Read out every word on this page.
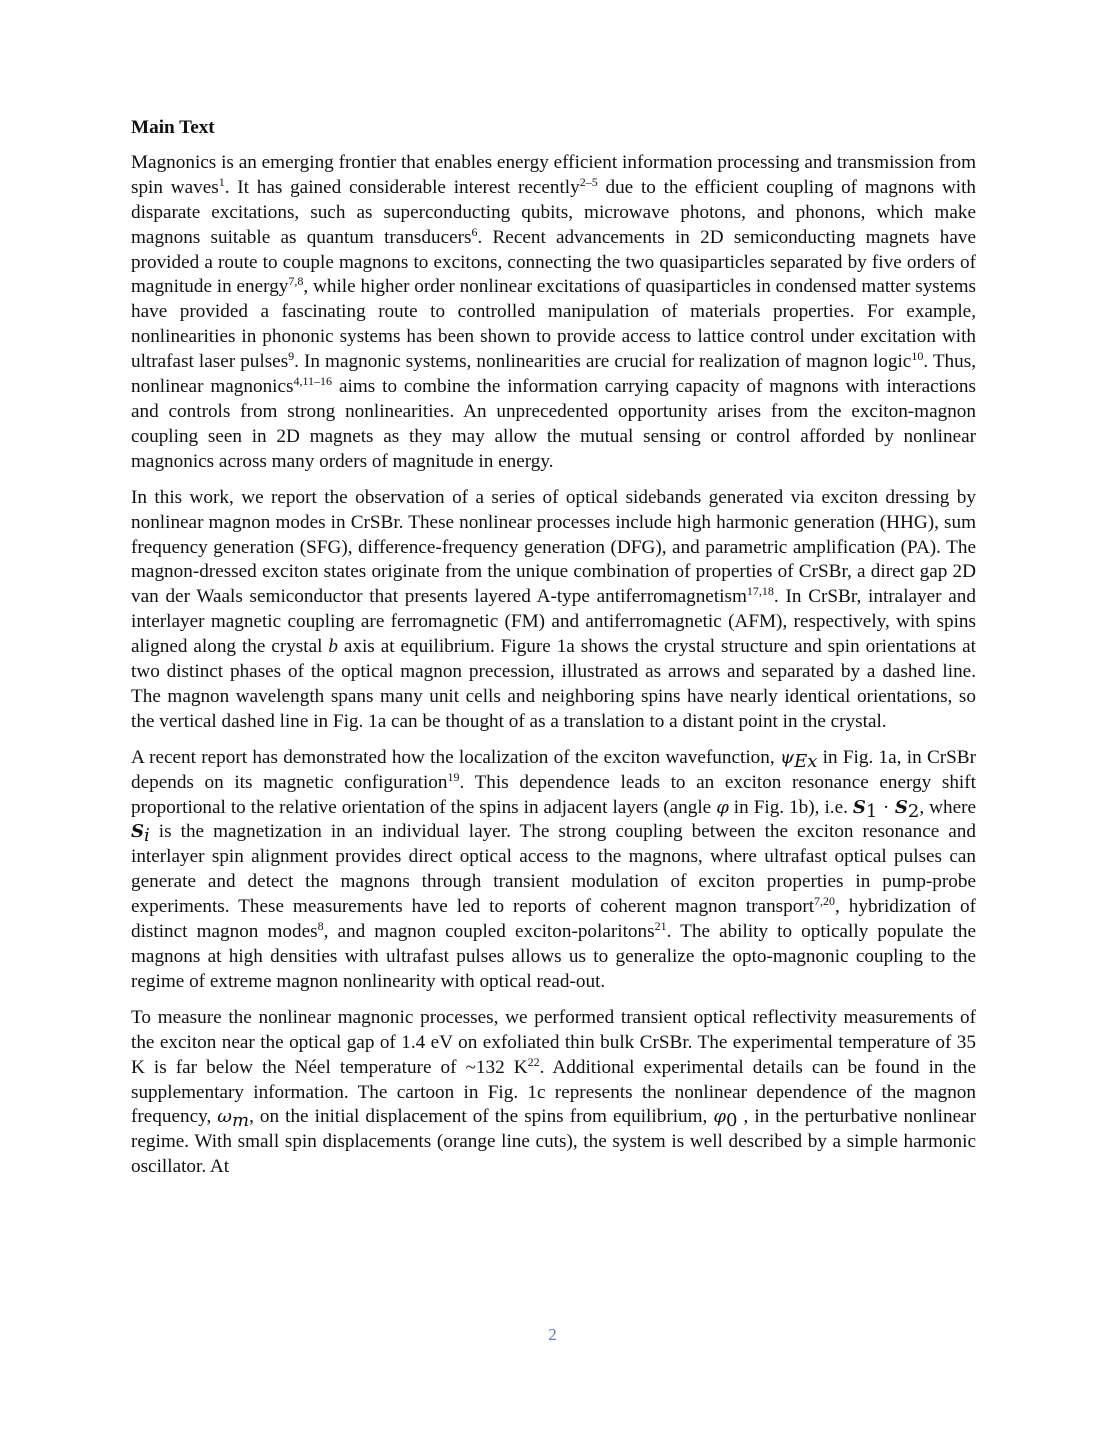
Main Text

Magnonics is an emerging frontier that enables energy efficient information processing and transmission from spin waves$^1$. It has gained considerable interest recently$^{2-5}$ due to the efficient coupling of magnons with disparate excitations, such as superconducting qubits, microwave photons, and phonons, which make magnons suitable as quantum transducers$^6$. Recent advancements in 2D semiconducting magnets have provided a route to couple magnons to excitons, connecting the two quasiparticles separated by five orders of magnitude in energy$^{7,8}$, while higher order nonlinear excitations of quasiparticles in condensed matter systems have provided a fascinating route to controlled manipulation of materials properties. For example, nonlinearities in phononic systems has been shown to provide access to lattice control under excitation with ultrafast laser pulses$^9$. In magnonic systems, nonlinearities are crucial for realization of magnon logic$^{10}$. Thus, nonlinear magnonics$^{4,11-16}$ aims to combine the information carrying capacity of magnons with interactions and controls from strong nonlinearities. An unprecedented opportunity arises from the exciton-magnon coupling seen in 2D magnets as they may allow the mutual sensing or control afforded by nonlinear magnonics across many orders of magnitude in energy.

In this work, we report the observation of a series of optical sidebands generated via exciton dressing by nonlinear magnon modes in CrSBr. These nonlinear processes include high harmonic generation (HHG), sum frequency generation (SFG), difference-frequency generation (DFG), and parametric amplification (PA). The magnon-dressed exciton states originate from the unique combination of properties of CrSBr, a direct gap 2D van der Waals semiconductor that presents layered A-type antiferromagnetism$^{17,18}$. In CrSBr, intralayer and interlayer magnetic coupling are ferromagnetic (FM) and antiferromagnetic (AFM), respectively, with spins aligned along the crystal b axis at equilibrium. Figure 1a shows the crystal structure and spin orientations at two distinct phases of the optical magnon precession, illustrated as arrows and separated by a dashed line. The magnon wavelength spans many unit cells and neighboring spins have nearly identical orientations, so the vertical dashed line in Fig. 1a can be thought of as a translation to a distant point in the crystal.

A recent report has demonstrated how the localization of the exciton wavefunction, $\psi_{Ex}$ in Fig. 1a, in CrSBr depends on its magnetic configuration$^{19}$. This dependence leads to an exciton resonance energy shift proportional to the relative orientation of the spins in adjacent layers (angle φ in Fig. 1b), i.e. $S_1 \cdot S_2$, where $S_i$ is the magnetization in an individual layer. The strong coupling between the exciton resonance and interlayer spin alignment provides direct optical access to the magnons, where ultrafast optical pulses can generate and detect the magnons through transient modulation of exciton properties in pump-probe experiments. These measurements have led to reports of coherent magnon transport$^{7,20}$, hybridization of distinct magnon modes$^8$, and magnon coupled exciton-polaritons$^{21}$. The ability to optically populate the magnons at high densities with ultrafast pulses allows us to generalize the opto-magnonic coupling to the regime of extreme magnon nonlinearity with optical read-out.

To measure the nonlinear magnonic processes, we performed transient optical reflectivity measurements of the exciton near the optical gap of 1.4 eV on exfoliated thin bulk CrSBr. The experimental temperature of 35 K is far below the Néel temperature of ~132 $K^{22}$. Additional experimental details can be found in the supplementary information. The cartoon in Fig. 1c represents the nonlinear dependence of the magnon frequency, $\omega_m$, on the initial displacement of the spins from equilibrium, $\varphi_0$ , in the perturbative nonlinear regime. With small spin displacements (orange line cuts), the system is well described by a simple harmonic oscillator. At

2
